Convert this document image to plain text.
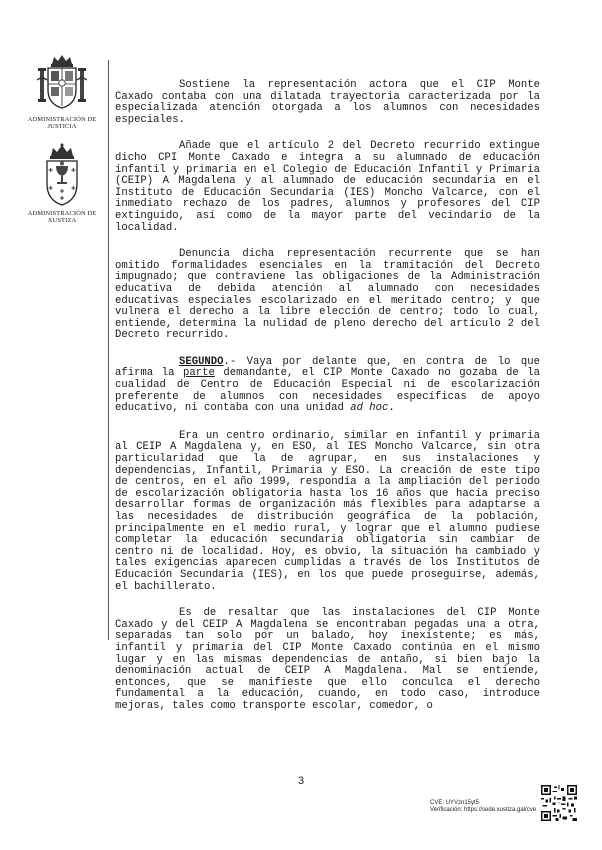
ADMINISTRACIÓN DE JUSTICIA
ADMINISTRACIÓN DE XUSTIZA

Sostiene la representación actora que el CIP Monte Caxado contaba con una dilatada trayectoria caracterizada por la especializada atención otorgada a los alumnos con necesidades especiales.

Añade que el artículo 2 del Decreto recurrido extingue dicho CPI Monte Caxado e integra a su alumnado de educación infantil y primaria en el Colegio de Educación Infantil y Primaria (CEIP) A Magdalena y al alumnado de educación secundaria en el Instituto de Educación Secundaria (IES) Moncho Valcarce, con el inmediato rechazo de los padres, alumnos y profesores del CIP extinguido, así como de la mayor parte del vecindario de la localidad.

Denuncia dicha representación recurrente que se han omitido formalidades esenciales en la tramitación del Decreto impugnado; que contraviene las obligaciones de la Administración educativa de debida atención al alumnado con necesidades educativas especiales escolarizado en el meritado centro; y que vulnera el derecho a la libre elección de centro; todo lo cual, entiende, determina la nulidad de pleno derecho del artículo 2 del Decreto recurrido.

SEGUNDO.- Vaya por delante que, en contra de lo que afirma la parte demandante, el CIP Monte Caxado no gozaba de la cualidad de Centro de Educación Especial ni de escolarización preferente de alumnos con necesidades específicas de apoyo educativo, ni contaba con una unidad ad hoc.

Era un centro ordinario, similar en infantil y primaria al CEIP A Magdalena y, en ESO, al IES Moncho Valcarce, sin otra particularidad que la de agrupar, en sus instalaciones y dependencias, Infantil, Primaria y ESO. La creación de este tipo de centros, en el año 1999, respondía a la ampliación del período de escolarización obligatoria hasta los 16 años que hacía preciso desarrollar formas de organización más flexibles para adaptarse a las necesidades de distribución geográfica de la población, principalmente en el medio rural, y lograr que el alumno pudiese completar la educación secundaria obligatoria sin cambiar de centro ni de localidad. Hoy, es obvio, la situación ha cambiado y tales exigencias aparecen cumplidas a través de los Institutos de Educación Secundaria (IES), en los que puede proseguirse, además, el bachillerato.

Es de resaltar que las instalaciones del CIP Monte Caxado y del CEIP A Magdalena se encontraban pegadas una a otra, separadas tan solo por un balado, hoy inexistente; es más, infantil y primaria del CIP Monte Caxado continúa en el mismo lugar y en las mismas dependencias de antaño, si bien bajo la denominación actual de CEIP A Magdalena. Mal se entiende, entonces, que se manifieste que ello conculca el derecho fundamental a la educación, cuando, en todo caso, introduce mejoras, tales como transporte escolar, comedor, o

3
CVE: UYVzn15yt5
Verificación: https://sede.xustiza.gal/cve
